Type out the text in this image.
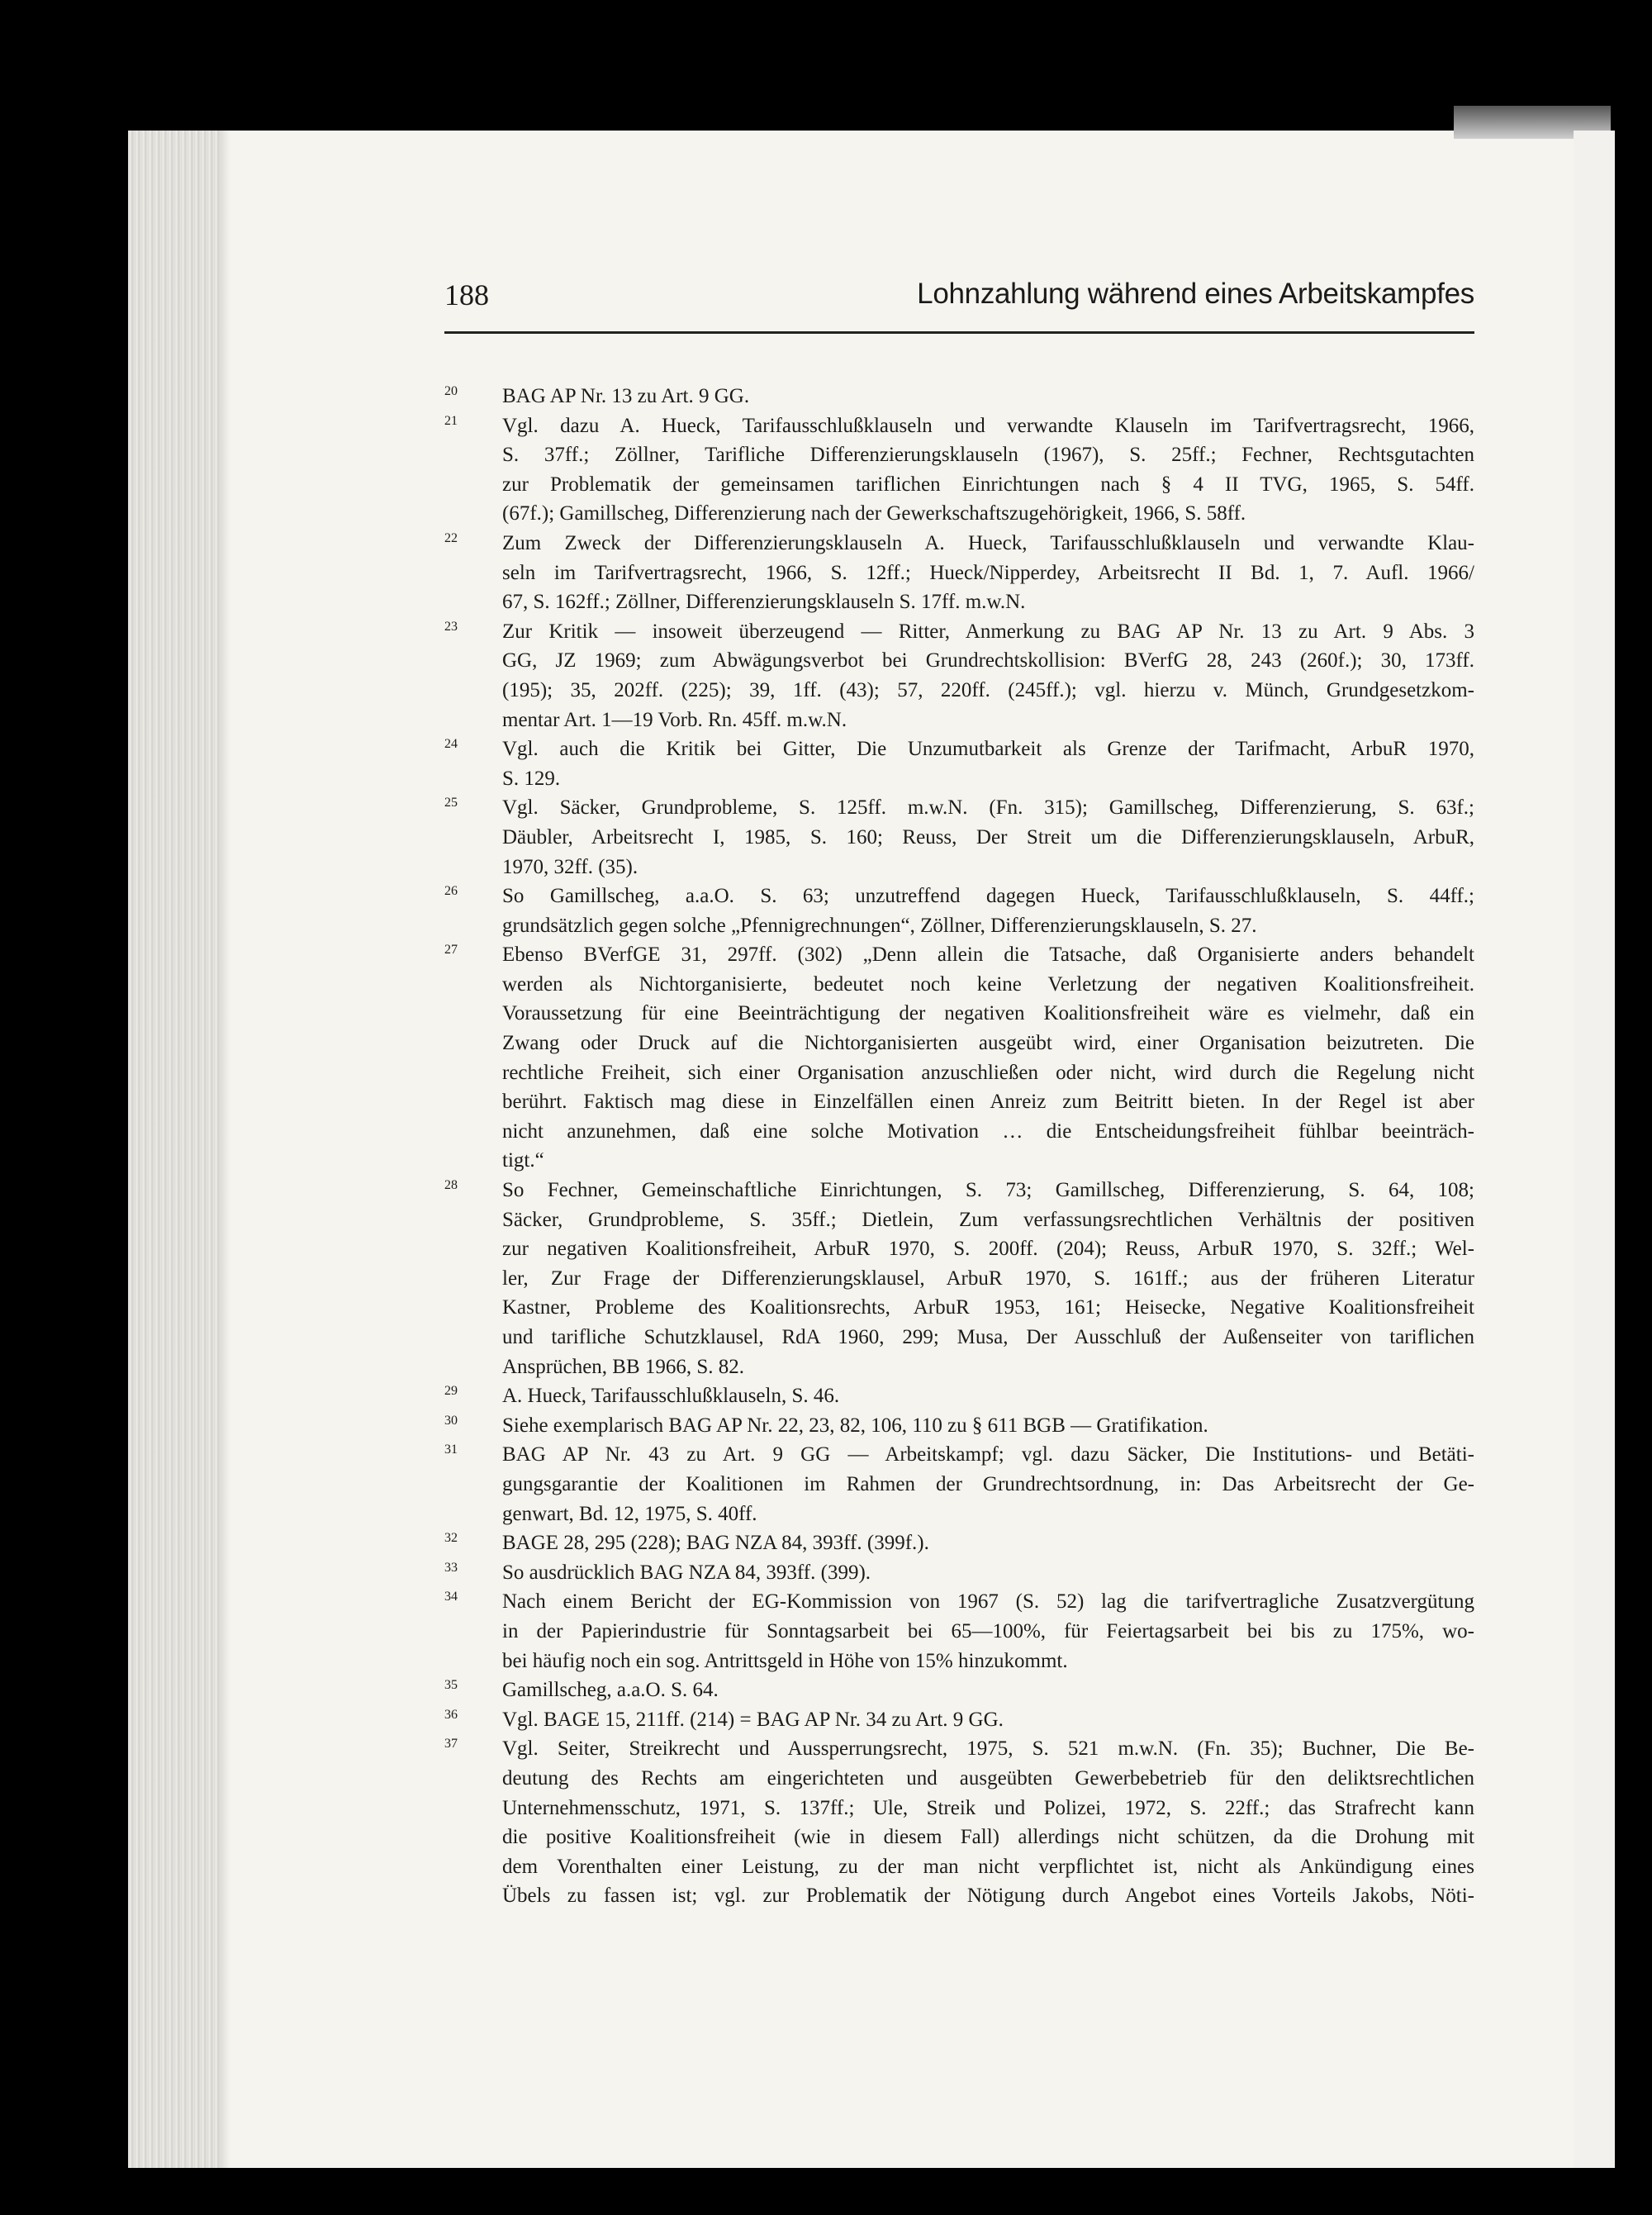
188	Lohnzahlung während eines Arbeitskampfes
20 BAG AP Nr. 13 zu Art. 9 GG.
21 Vgl. dazu A. Hueck, Tarifausschlußklauseln und verwandte Klauseln im Tarifvertragsrecht, 1966,
S. 37ff.; Zöllner, Tarifliche Differenzierungsklauseln (1967), S. 25ff.; Fechner, Rechtsgutachten
zur Problematik der gemeinsamen tariflichen Einrichtungen nach § 4 II TVG, 1965, S. 54ff.
(67f.); Gamillscheg, Differenzierung nach der Gewerkschaftszugehörigkeit, 1966, S. 58ff.
22 Zum Zweck der Differenzierungsklauseln A. Hueck, Tarifausschlußklauseln und verwandte Klau-
seln im Tarifvertragsrecht, 1966, S. 12ff.; Hueck/Nipperdey, Arbeitsrecht II Bd. 1, 7. Aufl. 1966/
67, S. 162ff.; Zöllner, Differenzierungsklauseln S. 17ff. m.w.N.
23 Zur Kritik — insoweit überzeugend — Ritter, Anmerkung zu BAG AP Nr. 13 zu Art. 9 Abs. 3
GG, JZ 1969; zum Abwägungsverbot bei Grundrechtskollision: BVerfG 28, 243 (260f.); 30, 173ff.
(195); 35, 202ff. (225); 39, 1ff. (43); 57, 220ff. (245ff.); vgl. hierzu v. Münch, Grundgesetzkom-
mentar Art. 1—19 Vorb. Rn. 45ff. m.w.N.
24 Vgl. auch die Kritik bei Gitter, Die Unzumutbarkeit als Grenze der Tarifmacht, ArbuR 1970,
S. 129.
25 Vgl. Säcker, Grundprobleme, S. 125ff. m.w.N. (Fn. 315); Gamillscheg, Differenzierung, S. 63f.;
Däubler, Arbeitsrecht I, 1985, S. 160; Reuss, Der Streit um die Differenzierungsklauseln, ArbuR,
1970, 32ff. (35).
26 So Gamillscheg, a.a.O. S. 63; unzutreffend dagegen Hueck, Tarifausschlußklauseln, S. 44ff.;
grundsätzlich gegen solche „Pfennigrechnungen“, Zöllner, Differenzierungsklauseln, S. 27.
27 Ebenso BVerfGE 31, 297ff. (302) „Denn allein die Tatsache, daß Organisierte anders behandelt
werden als Nichtorganisierte, bedeutet noch keine Verletzung der negativen Koalitionsfreiheit.
Voraussetzung für eine Beeinträchtigung der negativen Koalitionsfreiheit wäre es vielmehr, daß ein
Zwang oder Druck auf die Nichtorganisierten ausgeübt wird, einer Organisation beizutreten. Die
rechtliche Freiheit, sich einer Organisation anzuschließen oder nicht, wird durch die Regelung nicht
berührt. Faktisch mag diese in Einzelfällen einen Anreiz zum Beitritt bieten. In der Regel ist aber
nicht anzunehmen, daß eine solche Motivation … die Entscheidungsfreiheit fühlbar beeinträch-
tigt.“
28 So Fechner, Gemeinschaftliche Einrichtungen, S. 73; Gamillscheg, Differenzierung, S. 64, 108;
Säcker, Grundprobleme, S. 35ff.; Dietlein, Zum verfassungsrechtlichen Verhältnis der positiven
zur negativen Koalitionsfreiheit, ArbuR 1970, S. 200ff. (204); Reuss, ArbuR 1970, S. 32ff.; Wel-
ler, Zur Frage der Differenzierungsklausel, ArbuR 1970, S. 161ff.; aus der früheren Literatur
Kastner, Probleme des Koalitionsrechts, ArbuR 1953, 161; Heisecke, Negative Koalitionsfreiheit
und tarifliche Schutzklausel, RdA 1960, 299; Musa, Der Ausschluß der Außenseiter von tariflichen
Ansprüchen, BB 1966, S. 82.
29 A. Hueck, Tarifausschlußklauseln, S. 46.
30 Siehe exemplarisch BAG AP Nr. 22, 23, 82, 106, 110 zu § 611 BGB — Gratifikation.
31 BAG AP Nr. 43 zu Art. 9 GG — Arbeitskampf; vgl. dazu Säcker, Die Institutions- und Betäti-
gungsgarantie der Koalitionen im Rahmen der Grundrechtsordnung, in: Das Arbeitsrecht der Ge-
genwart, Bd. 12, 1975, S. 40ff.
32 BAGE 28, 295 (228); BAG NZA 84, 393ff. (399f.).
33 So ausdrücklich BAG NZA 84, 393ff. (399).
34 Nach einem Bericht der EG-Kommission von 1967 (S. 52) lag die tarifvertragliche Zusatzvergütung
in der Papierindustrie für Sonntagsarbeit bei 65—100%, für Feiertagsarbeit bei bis zu 175%, wo-
bei häufig noch ein sog. Antrittsgeld in Höhe von 15% hinzukommt.
35 Gamillscheg, a.a.O. S. 64.
36 Vgl. BAGE 15, 211ff. (214) = BAG AP Nr. 34 zu Art. 9 GG.
37 Vgl. Seiter, Streikrecht und Aussperrungsrecht, 1975, S. 521 m.w.N. (Fn. 35); Buchner, Die Be-
deutung des Rechts am eingerichteten und ausgeübten Gewerbebetrieb für den deliktsrechtlichen
Unternehmensschutz, 1971, S. 137ff.; Ule, Streik und Polizei, 1972, S. 22ff.; das Strafrecht kann
die positive Koalitionsfreiheit (wie in diesem Fall) allerdings nicht schützen, da die Drohung mit
dem Vorenthalten einer Leistung, zu der man nicht verpflichtet ist, nicht als Ankündigung eines
Übels zu fassen ist; vgl. zur Problematik der Nötigung durch Angebot eines Vorteils Jakobs, Nöti-
